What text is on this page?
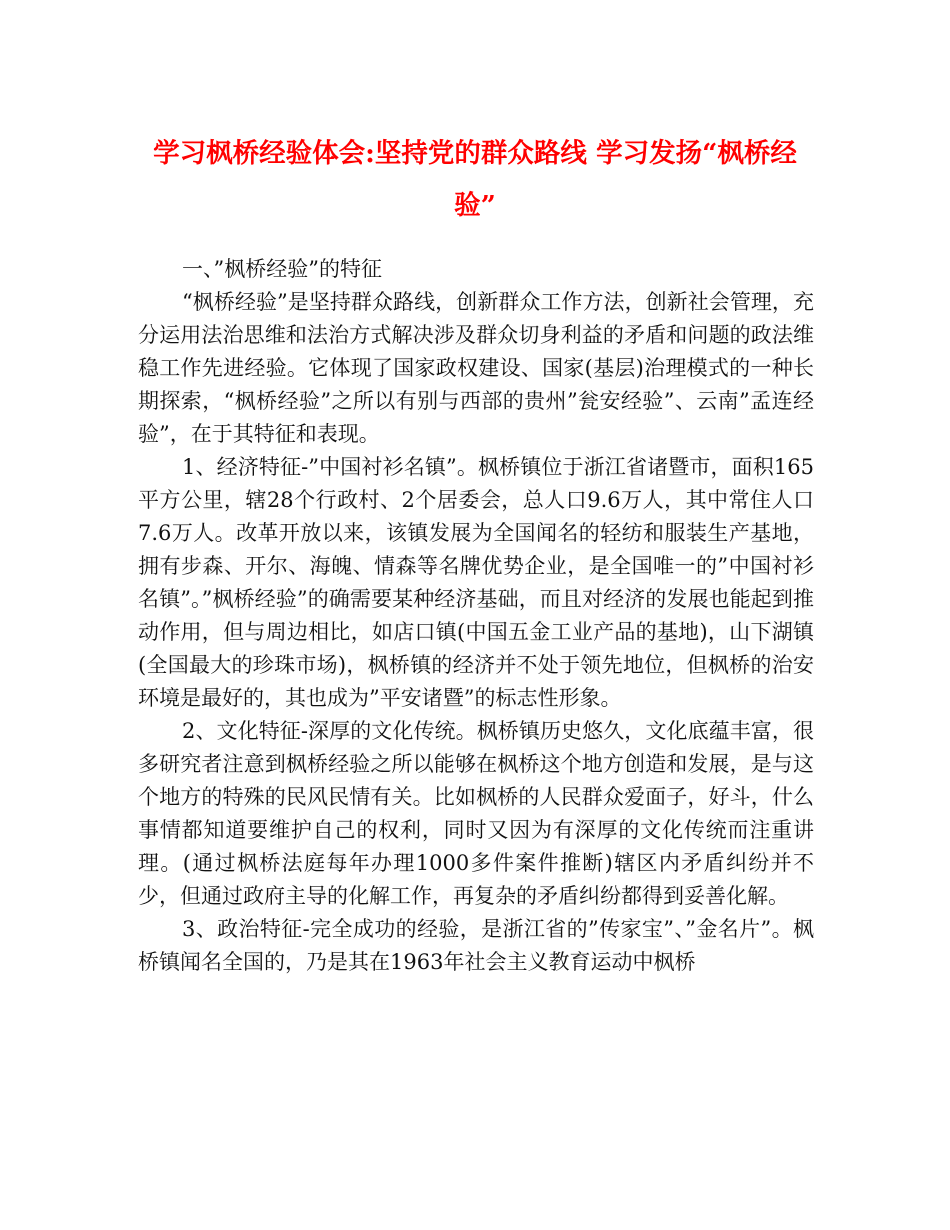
学习枫桥经验体会:坚持党的群众路线 学习发扬“枫桥经验”

一、”枫桥经验”的特征

“枫桥经验”是坚持群众路线，创新群众工作方法，创新社会管理，充分运用法治思维和法治方式解决涉及群众切身利益的矛盾和问题的政法维稳工作先进经验。它体现了国家政权建设、国家(基层)治理模式的一种长期探索，“枫桥经验”之所以有别与西部的贵州”瓮安经验”、云南”孟连经验”，在于其特征和表现。

1、经济特征-”中国衬衫名镇”。枫桥镇位于浙江省诸暨市，面积165平方公里，辖28个行政村、2个居委会，总人口9.6万人，其中常住人口7.6万人。改革开放以来，该镇发展为全国闻名的轻纺和服装生产基地，拥有步森、开尔、海魄、情森等名牌优势企业，是全国唯一的”中国衬衫名镇”。”枫桥经验”的确需要某种经济基础，而且对经济的发展也能起到推动作用，但与周边相比，如店口镇(中国五金工业产品的基地)，山下湖镇(全国最大的珍珠市场)，枫桥镇的经济并不处于领先地位，但枫桥的治安环境是最好的，其也成为”平安诸暨”的标志性形象。

2、文化特征-深厚的文化传统。枫桥镇历史悠久，文化底蕴丰富，很多研究者注意到枫桥经验之所以能够在枫桥这个地方创造和发展，是与这个地方的特殊的民风民情有关。比如枫桥的人民群众爱面子，好斗，什么事情都知道要维护自己的权利，同时又因为有深厚的文化传统而注重讲理。(通过枫桥法庭每年办理1000多件案件推断)辖区内矛盾纠纷并不少，但通过政府主导的化解工作，再复杂的矛盾纠纷都得到妥善化解。

3、政治特征-完全成功的经验，是浙江省的”传家宝”、”金名片”。枫桥镇闻名全国的，乃是其在1963年社会主义教育运动中枫桥
